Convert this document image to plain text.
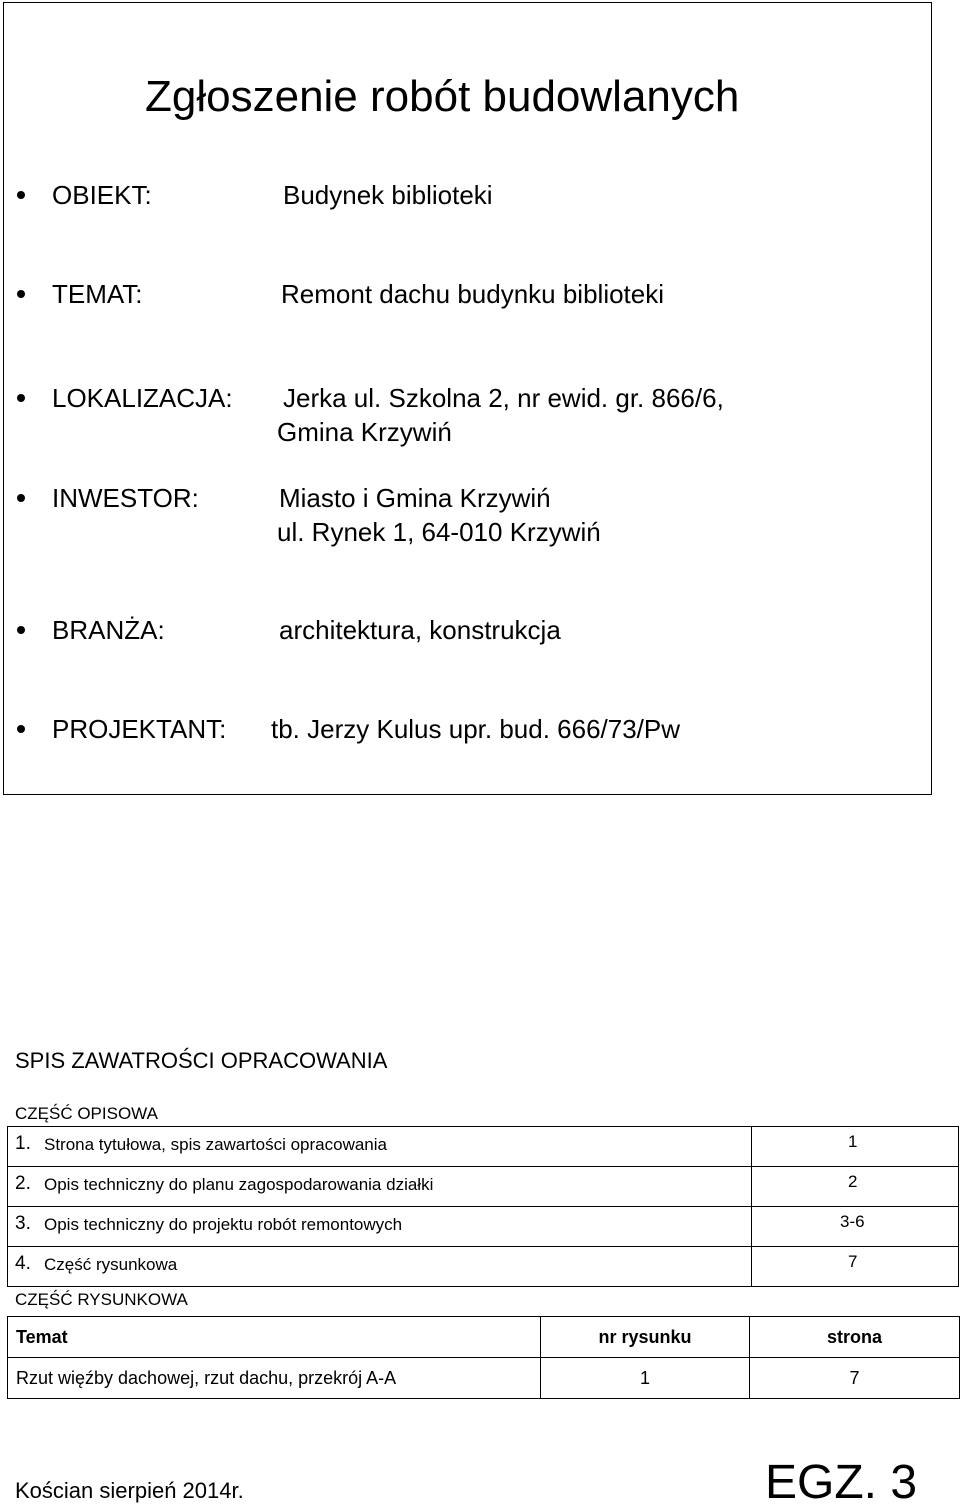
Zgłoszenie robót budowlanych
OBIEKT:	Budynek biblioteki
TEMAT:	Remont dachu budynku biblioteki
LOKALIZACJA: Jerka ul. Szkolna 2, nr ewid. gr. 866/6,
Gmina Krzywiń
INWESTOR:	Miasto i Gmina Krzywiń
ul. Rynek 1, 64-010 Krzywiń
BRANŻA:	architektura, konstrukcja
PROJEKTANT: tb. Jerzy Kulus upr. bud. 666/73/Pw
SPIS ZAWATROŚCI OPRACOWANIA
CZĘŚĆ OPISOWA
1. Strona tytułowa, spis zawartości opracowania	1
2. Opis techniczny do planu zagospodarowania działki	2
3. Opis techniczny do projektu robót remontowych	3-6
4. Część rysunkowa	7
CZĘŚĆ RYSUNKOWA
Temat	nr rysunku	strona
Rzut więźby dachowej, rzut dachu, przekrój A-A	1	7
Kościan sierpień 2014r.	EGZ. 3
